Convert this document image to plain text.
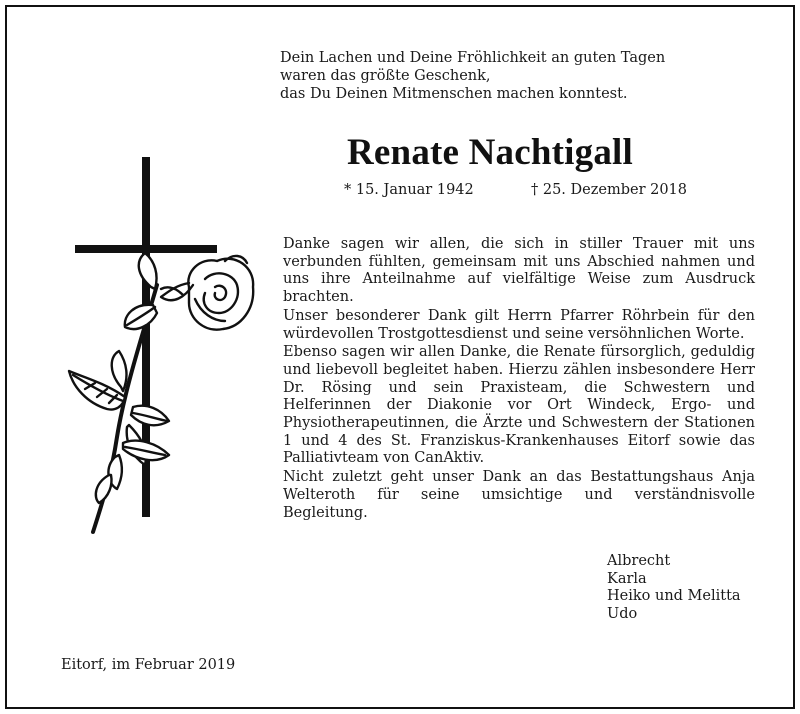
Dein Lachen und Deine Fröhlichkeit an guten Tagen
waren das größte Geschenk,
das Du Deinen Mitmenschen machen konntest.
Renate Nachtigall
* 15. Januar 1942	† 25. Dezember 2018

Danke sagen wir allen, die sich in stiller Trauer mit uns verbunden fühlten, gemeinsam mit uns Abschied nahmen und uns ihre Anteilnahme auf vielfältige Weise zum Ausdruck brachten.

Unser besonderer Dank gilt Herrn Pfarrer Röhrbein für den würdevollen Trostgottesdienst und seine versöhnlichen Worte.

Ebenso sagen wir allen Danke, die Renate fürsorglich, geduldig und liebevoll begleitet haben. Hierzu zählen insbesondere Herr Dr. Rösing und sein Praxisteam, die Schwestern und Helferinnen der Diakonie vor Ort Windeck, Ergo- und Physiotherapeutinnen, die Ärzte und Schwestern der Stationen 1 und 4 des St. Franziskus-Krankenhauses Eitorf sowie das Palliativteam von CanAktiv.

Nicht zuletzt geht unser Dank an das Bestattungshaus Anja Welteroth für seine umsichtige und verständnisvolle Begleitung.

Albrecht
Karla
Heiko und Melitta
Udo
Eitorf, im Februar 2019
